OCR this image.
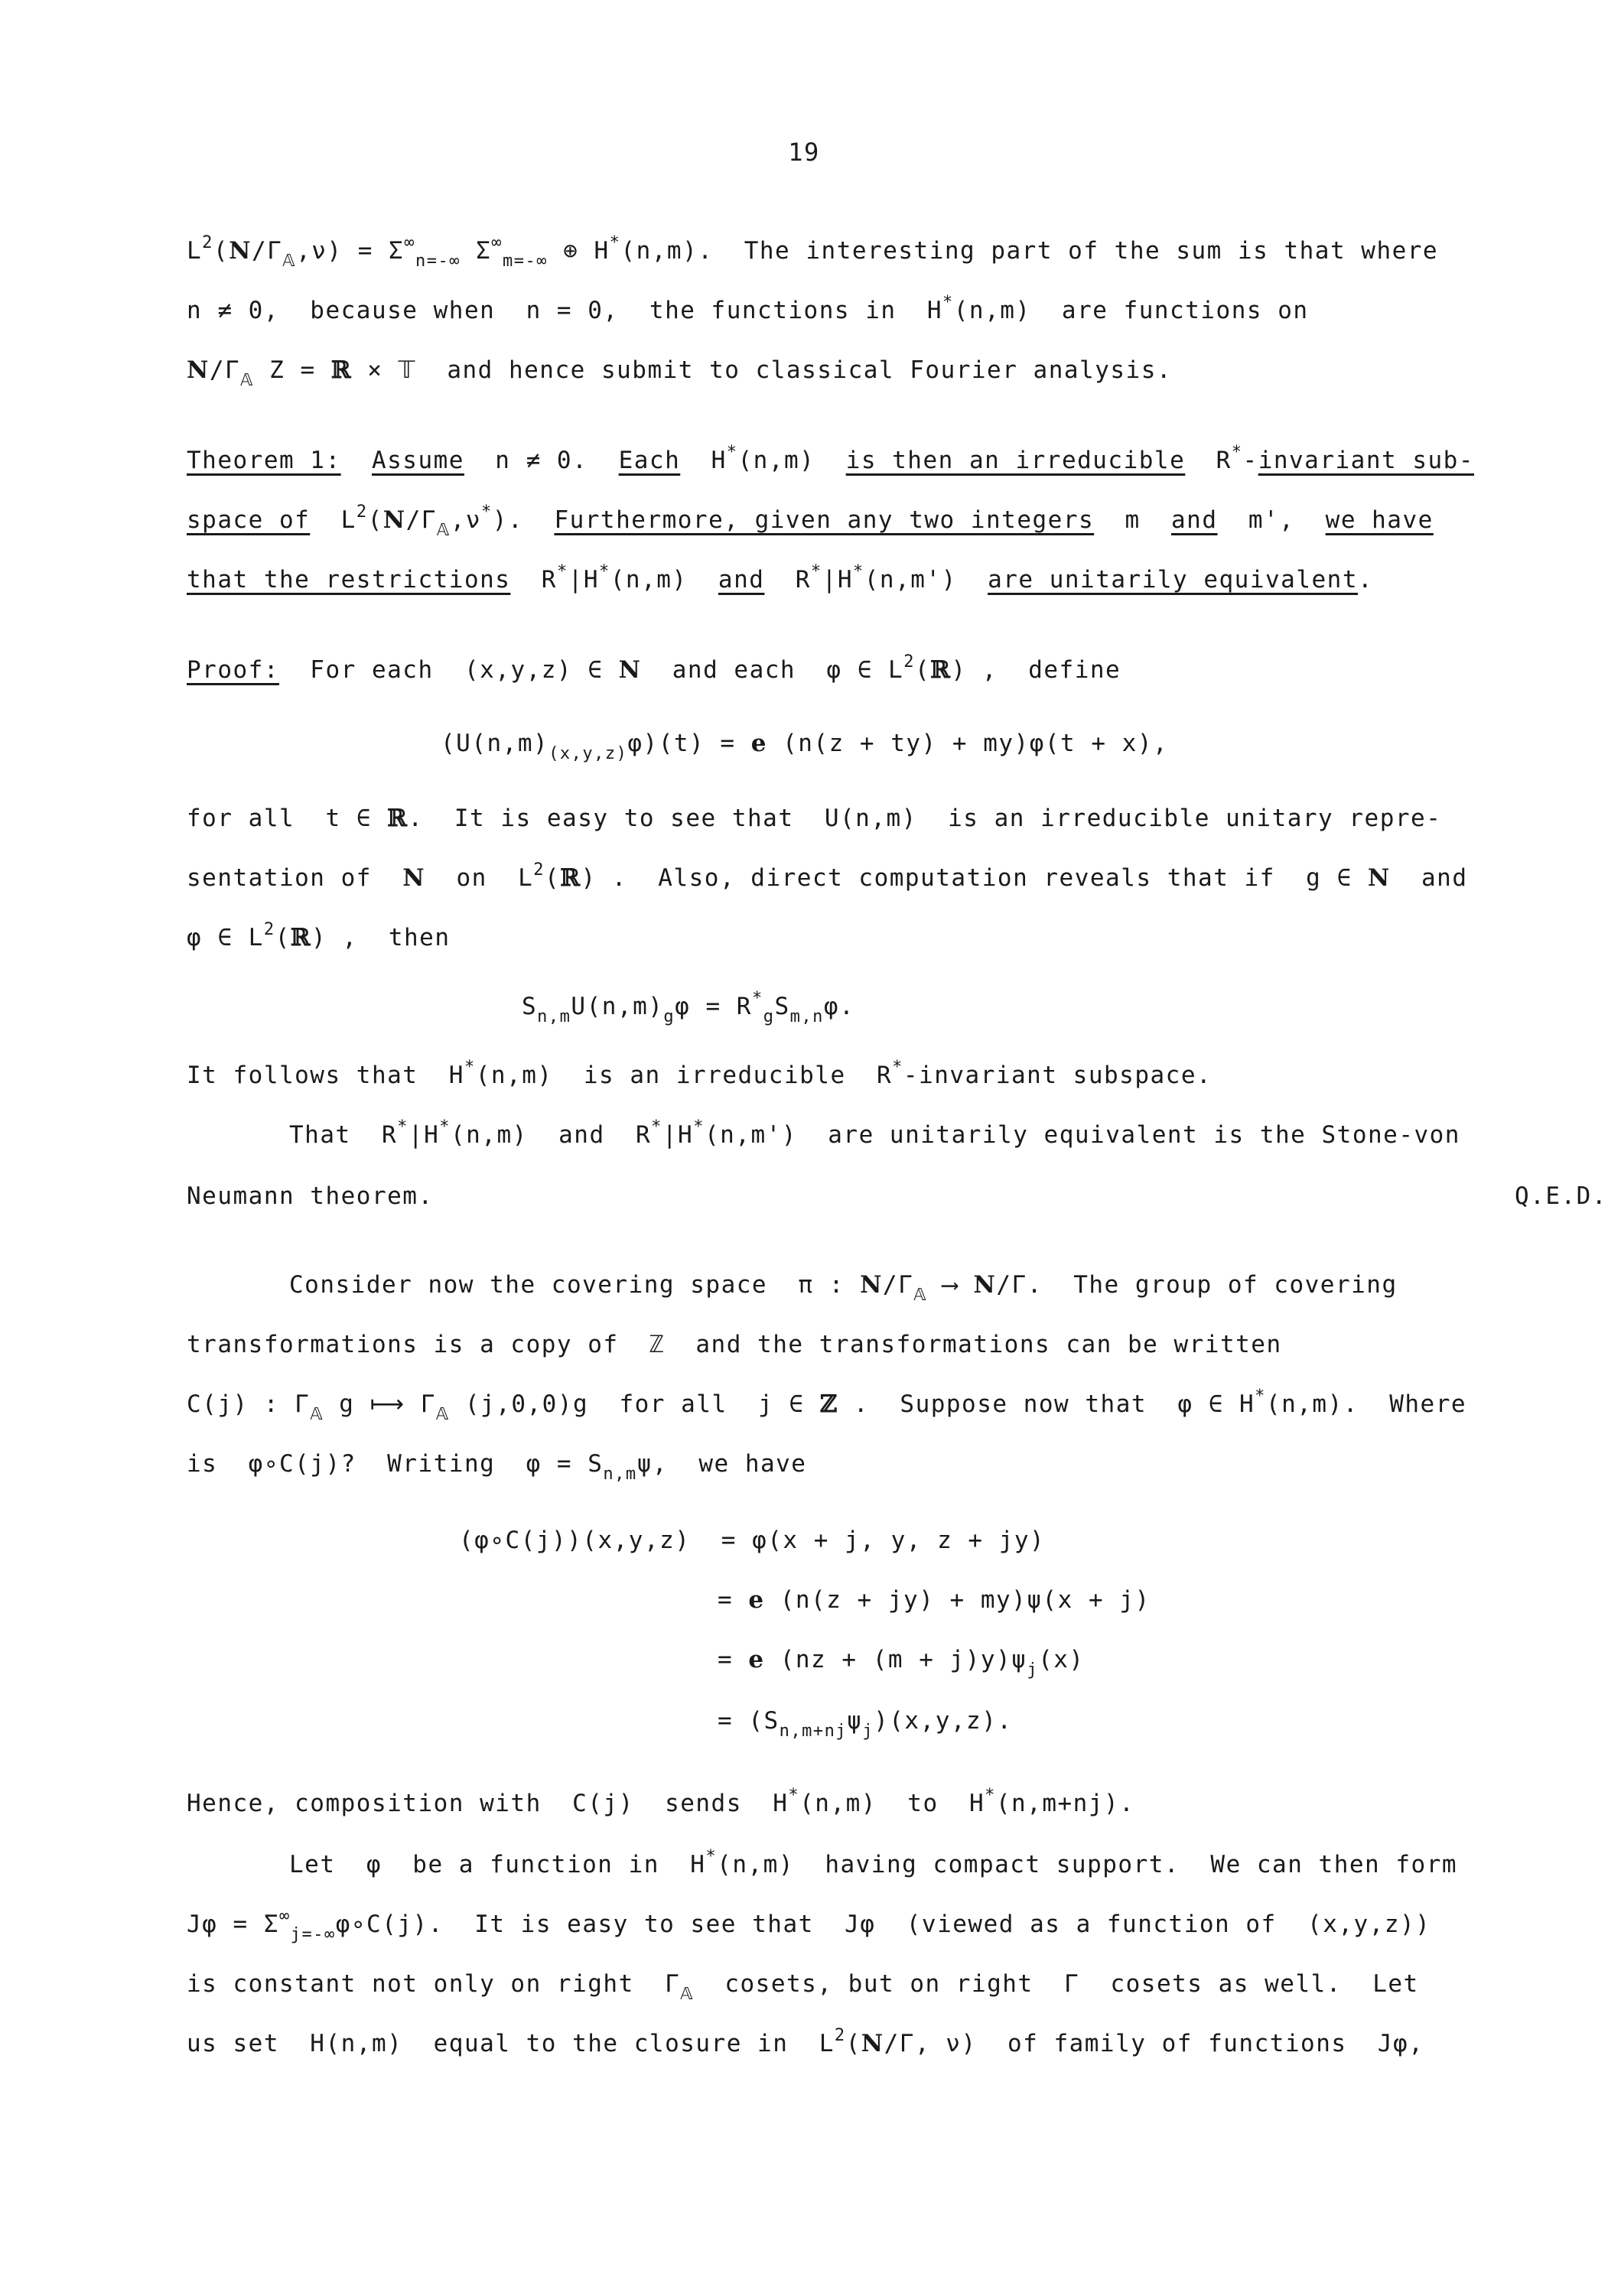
19
$L^2(N/\Gamma_𝔸,\nu) = \Sigma^\infty_{n=-\infty}$ $\Sigma^\infty_{m=-\infty}$ ⊕ H*(n,m). The interesting part of the sum is that where
n ≠ 0,  because when  n = 0,  the functions in  H*(n,m)  are functions on
$N/\Gamma_𝔸$ Z = ℝ × 𝕋  and hence submit to classical Fourier analysis.
Theorem 1: Assume  n ≠ 0.  Each  H*(n,m)  is then an irreducible  R*-invariant sub-
space of  $L^2(N/\Gamma_𝔸,\nu^*)$.  Furthermore, given any two integers  m  and  m',  we have
that the restrictions  R*|H*(n,m)  and  R*|H*(n,m')  are unitarily equivalent.
Proof:  For each  (x,y,z) ∈ N  and each  φ ∈ $L^2(ℝ)$ ,  define
$(U(n,m)_{(x,y,z)}\varphi)(t) = e$ (n(z + ty) + my)φ(t + x),
for all  t ∈ ℝ.  It is easy to see that  U(n,m)  is an irreducible unitary repre-
sentation of  N  on  $L^2(ℝ)$ .  Also, direct computation reveals that if  g ∈ N  and
φ ∈ $L^2(ℝ)$ ,  then
$S_{n,m}U(n,m)_g\varphi = R^*_gS_{m,n}\varphi$.
It follows that  H*(n,m)  is an irreducible  R*-invariant subspace.
That  R*|H*(n,m)  and  R*|H*(n,m')  are unitarily equivalent is the Stone-von
Neumann theorem.	Q.E.D.
Consider now the covering space  π : $N/\Gamma_𝔸$ ⟶ N/Γ.  The group of covering
transformations is a copy of  ℤ  and the transformations can be written
C(j) : $\Gamma_𝔸$ g ⟼ $\Gamma_𝔸$ (j,0,0)g  for all  j ∈ ℤ .  Suppose now that  φ ∈ H*(n,m).  Where
is  φ∘C(j)?  Writing  $\varphi = S_{n,m}\psi$,  we have
(φ∘C(j))(x,y,z)  = φ(x + j, y, z + jy)
= e (n(z + jy) + my)ψ(x + j)
= e $(nz + (m + j)y)\psi_j(x)$
= $(S_{n,m+nj}\psi_j)(x,y,z)$.
Hence, composition with  C(j)  sends  H*(n,m)  to  H*(n,m+nj).
Let  φ  be a function in  H*(n,m)  having compact support.  We can then form
$J\varphi = \Sigma^\infty_{j=-\infty}\varphi\circ C(j)$.  It is easy to see that  Jφ  (viewed as a function of  (x,y,z))
is constant not only on right  $\Gamma_𝔸$  cosets, but on right  Γ  cosets as well.  Let
us set  H(n,m)  equal to the closure in  $L^2(N/\Gamma$, ν)  of family of functions  Jφ,
